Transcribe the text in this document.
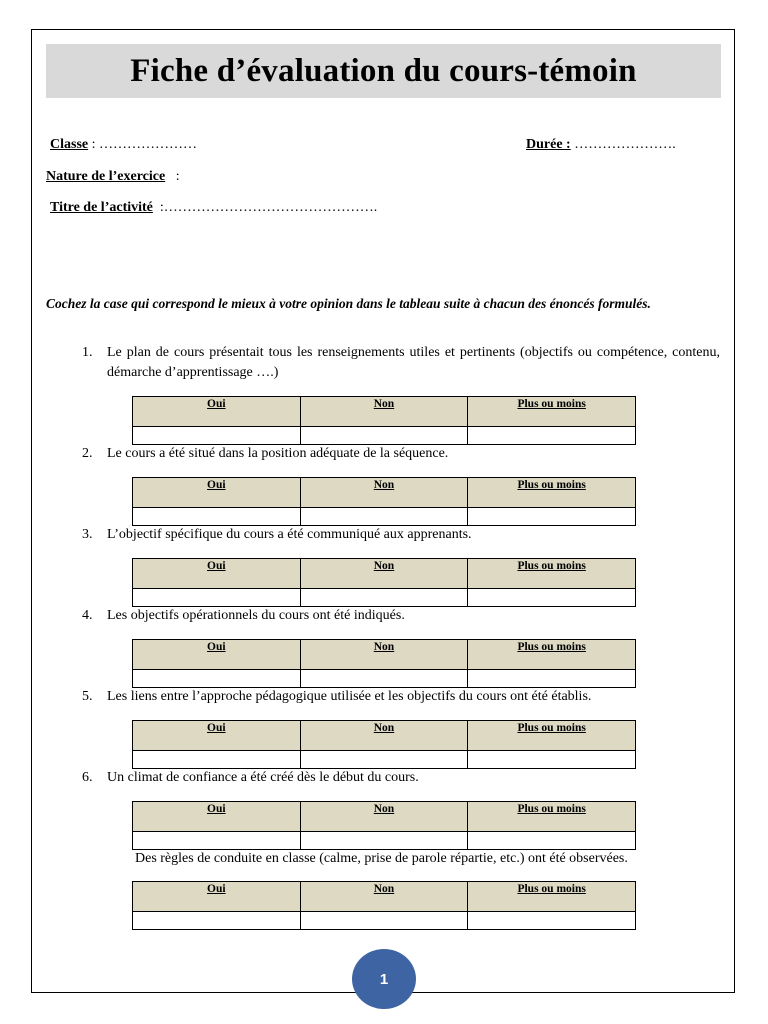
Fiche d’évaluation du cours-témoin
Classe : …………………	Durée : ………………….
Nature de l’exercice   :
Titre de l’activité  :……………………………………….
Cochez la case qui correspond le mieux à votre opinion dans le tableau suite à chacun des énoncés formulés.
1. Le plan de cours présentait tous les renseignements utiles et pertinents (objectifs ou compétence, contenu, démarche d’apprentissage ….)
Oui	Non	Plus ou moins

2. Le cours a été situé dans la position adéquate de la séquence.
Oui	Non	Plus ou moins

3. L’objectif spécifique du cours a été communiqué aux apprenants.
Oui	Non	Plus ou moins

4. Les objectifs opérationnels du cours ont été indiqués.
Oui	Non	Plus ou moins

5. Les liens entre l’approche pédagogique utilisée et les objectifs du cours ont été établis.
Oui	Non	Plus ou moins

6. Un climat de confiance a été créé dès le début du cours.
Oui	Non	Plus ou moins

Des règles de conduite en classe (calme, prise de parole répartie, etc.) ont été observées.
Oui	Non	Plus ou moins

1
